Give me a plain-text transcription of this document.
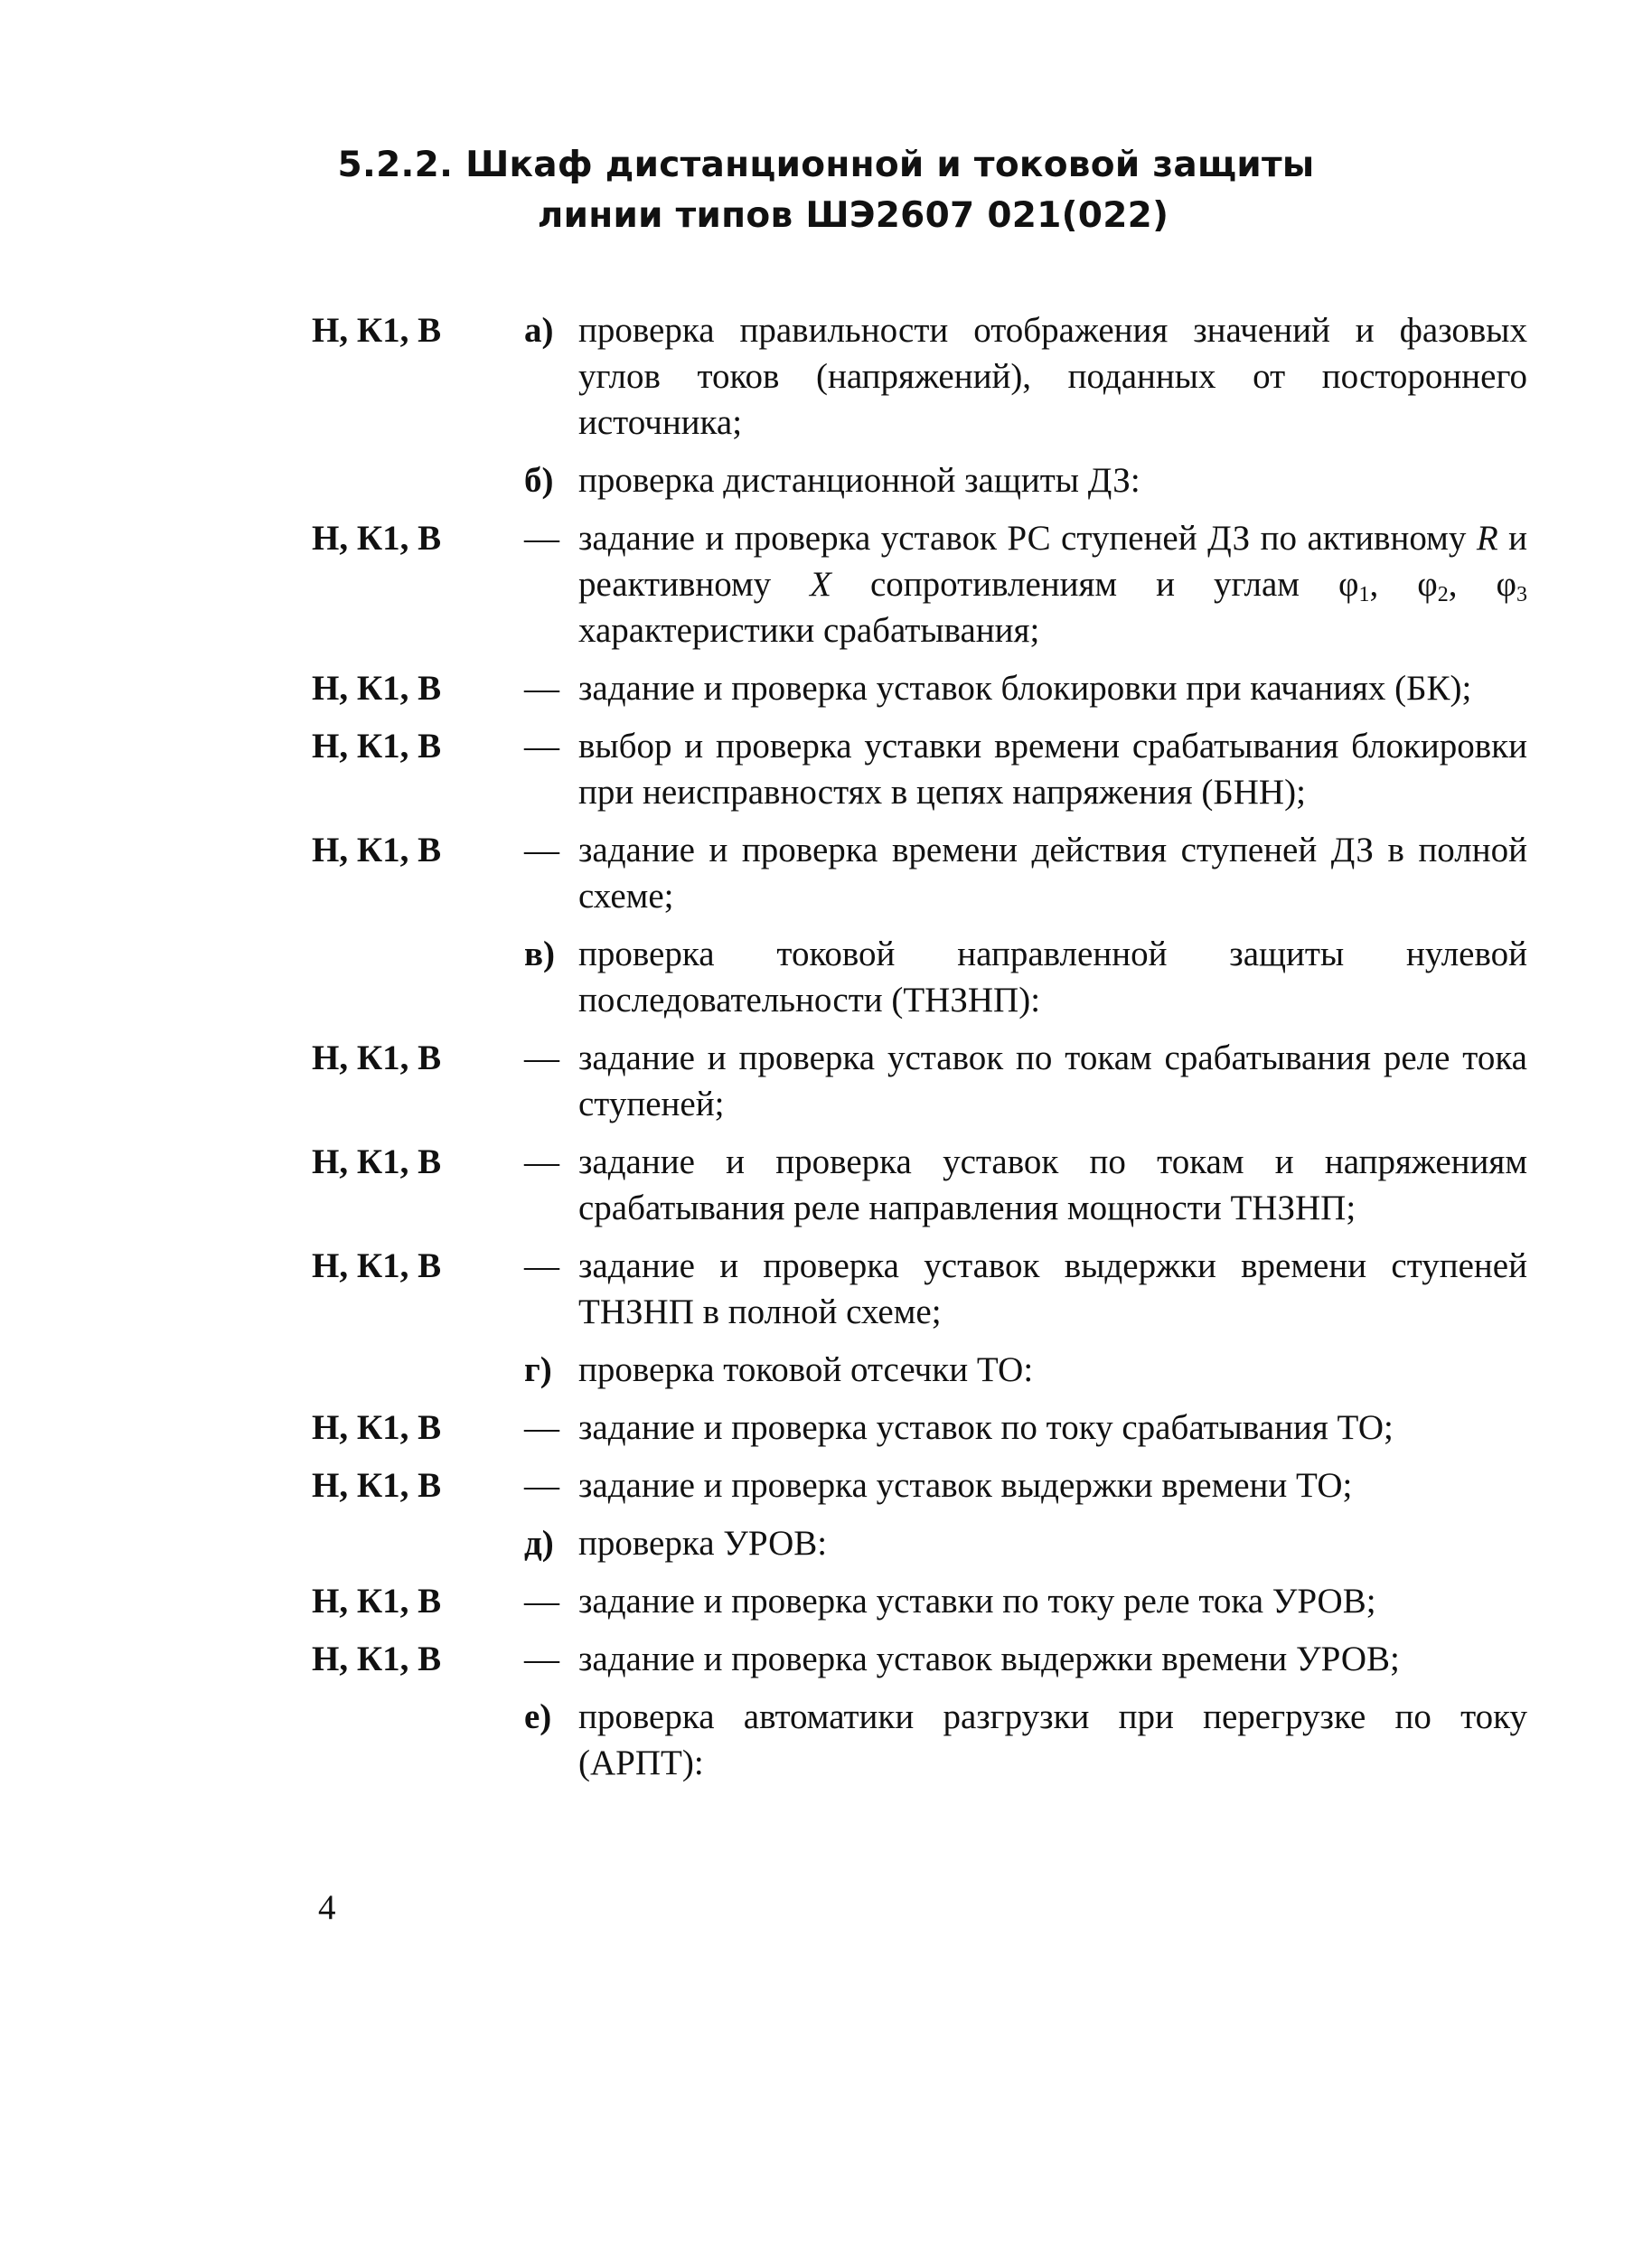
5.2.2. Шкаф дистанционной и токовой защиты
линии типов ШЭ2607 021(022)
Н, К1, В	а) проверка правильности отображения значений и фазовых углов токов (напряжений), поданных от постороннего источника;
б) проверка дистанционной защиты ДЗ:
Н, К1, В	— задание и проверка уставок РС ступеней ДЗ по активному R и реактивному X сопротивлениям и углам $\varphi_1$, $\varphi_2$, $\varphi_3$ характеристики срабатывания;
Н, К1, В	— задание и проверка уставок блокировки при качаниях (БК);
Н, К1, В	— выбор и проверка уставки времени срабатывания блокировки при неисправностях в цепях напряжения (БНН);
Н, К1, В	— задание и проверка времени действия ступеней ДЗ в полной схеме;
в) проверка токовой направленной защиты нулевой последовательности (ТНЗНП):
Н, К1, В	— задание и проверка уставок по токам срабатывания реле тока ступеней;
Н, К1, В	— задание и проверка уставок по токам и напряжениям срабатывания реле направления мощности ТНЗНП;
Н, К1, В	— задание и проверка уставок выдержки времени ступеней ТНЗНП в полной схеме;
г) проверка токовой отсечки ТО:
Н, К1, В	— задание и проверка уставок по току срабатывания ТО;
Н, К1, В	— задание и проверка уставок выдержки времени ТО;
д) проверка УРОВ:
Н, К1, В	— задание и проверка уставки по току реле тока УРОВ;
Н, К1, В	— задание и проверка уставок выдержки времени УРОВ;
е) проверка автоматики разгрузки при перегрузке по току (АРПТ):
4
